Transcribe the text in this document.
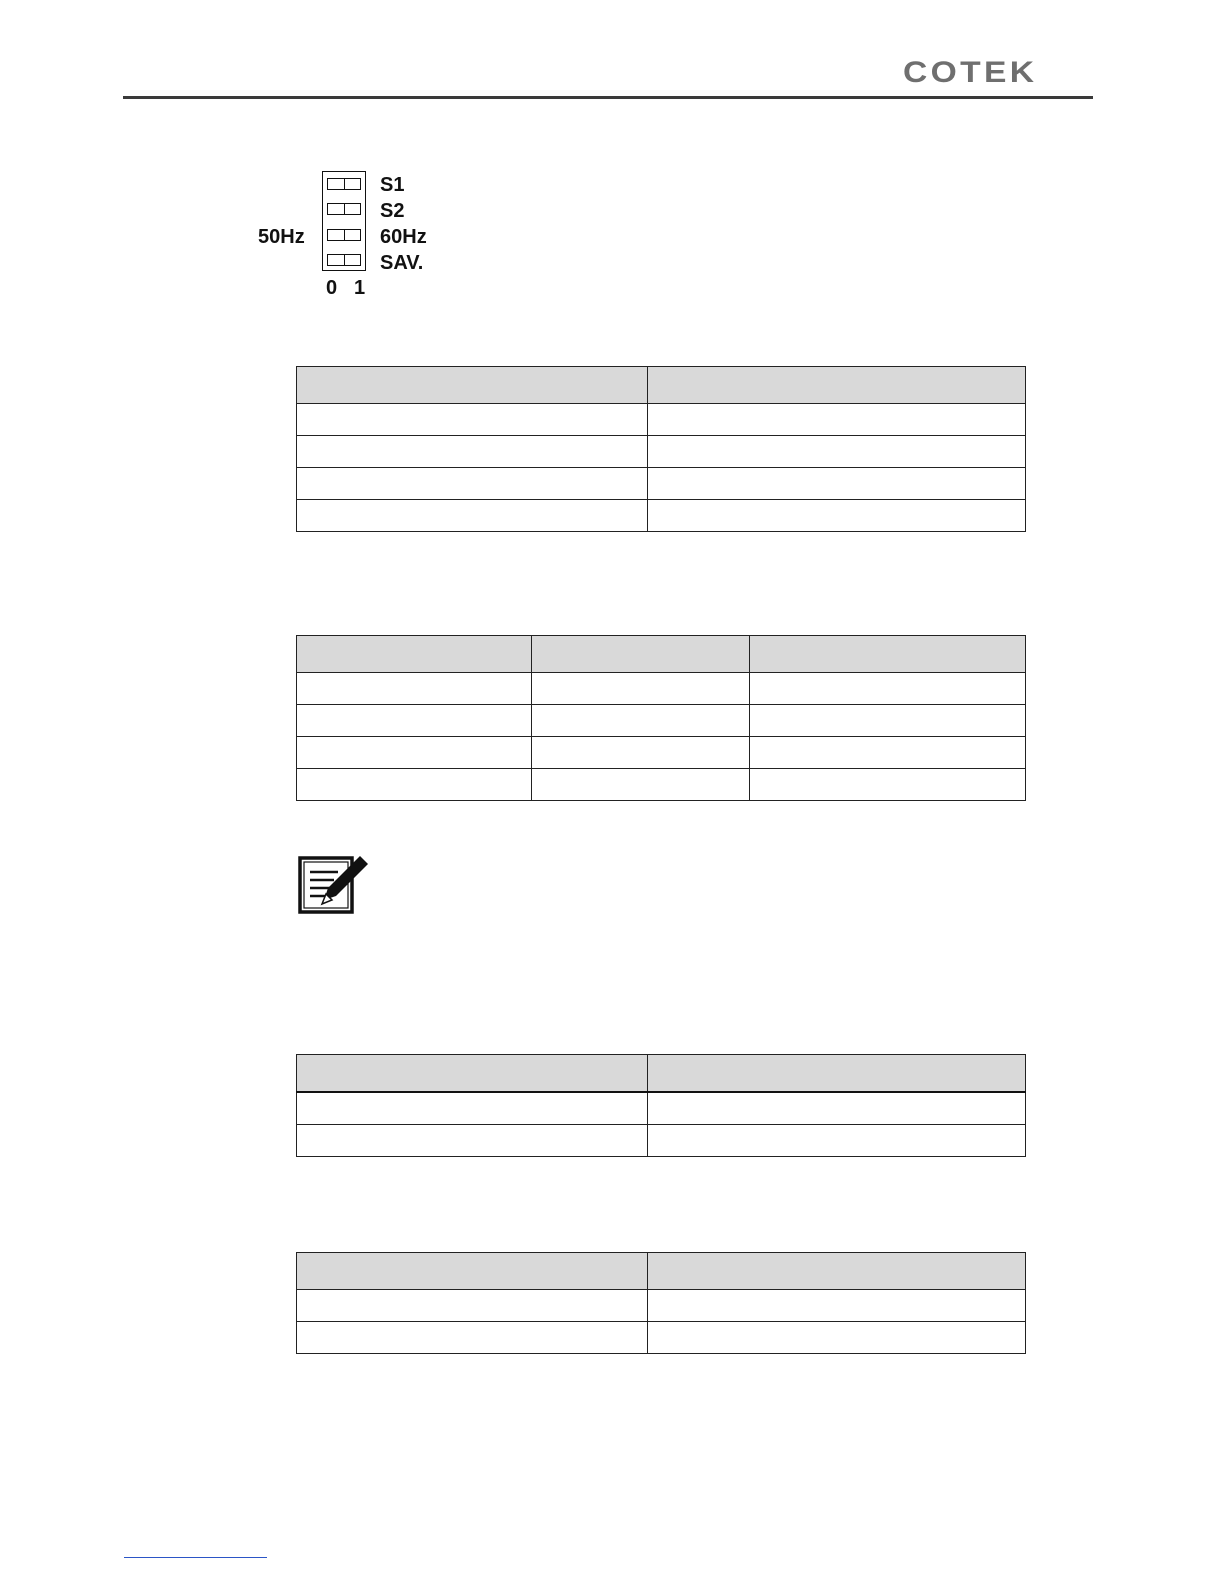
COTEK
50Hz
S1
S2
60Hz
SAV.
0 1
